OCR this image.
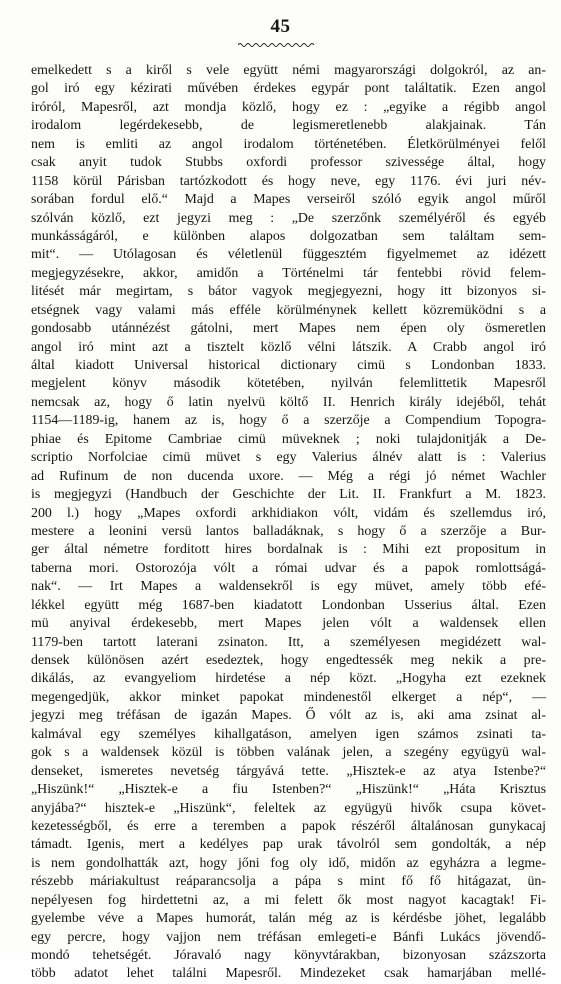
45
emelkedett s a kiről s vele együtt némi magyarországi dolgokról, az an-
gol iró egy kézirati művében érdekes egypár pont találtatik. Ezen angol
iróról, Mapesről, azt mondja közlő, hogy ez : „egyike a régibb angol
irodalom legérdekesebb, de legismeretlenebb alakjainak. Tán
nem is emliti az angol irodalom történetében. Életkörülményei felől
csak anyit tudok Stubbs oxfordi professor szivessége által, hogy
1158 körül Párisban tartózkodott és hogy neve, egy 1176. évi juri név-
sorában fordul elő.“ Majd a Mapes verseiről szóló egyik angol műről
szólván közlő, ezt jegyzi meg : „De szerzőnk személyéről és egyéb
munkásságáról, e különben alapos dolgozatban sem találtam sem-
mit“. — Utólagosan és véletlenül függesztém figyelmemet az idézett
megjegyzésekre, akkor, amidőn a Történelmi tár fentebbi rövid felem-
litését már megirtam, s bátor vagyok megjegyezni, hogy itt bizonyos si-
etségnek vagy valami más efféle körülménynek kellett közremüködni s a
gondosabb utánnézést gátolni, mert Mapes nem épen oly ösmeretlen
angol iró mint azt a tisztelt közlő vélni látszik. A Crabb angol iró
által kiadott Universal historical dictionary cimü s Londonban 1833.
megjelent könyv második kötetében, nyilván felemlittetik Mapesről
nemcsak az, hogy ő latin nyelvü költő II. Henrich király idejéből, tehát
1154—1189-ig, hanem az is, hogy ő a szerzője a Compendium Topogra-
phiae és Epitome Cambriae cimü müveknek ; noki tulajdonitják a De-
scriptio Norfolciae cimü müvet s egy Valerius álnév alatt is : Valerius
ad Rufinum de non ducenda uxore. — Még a régi jó német Wachler
is megjegyzi (Handbuch der Geschichte der Lit. II. Frankfurt a M. 1823.
200 l.) hogy „Mapes oxfordi arkhidiakon vólt, vidám és szellemdus iró,
mestere a leonini versü lantos balladáknak, s hogy ő a szerzője a Bur-
ger által németre forditott hires bordalnak is : Mihi ezt propositum in
taberna mori. Ostorozója vólt a római udvar és a papok romlottságá-
nak“. — Irt Mapes a waldensekről is egy müvet, amely több efé-
lékkel együtt még 1687-ben kiadatott Londonban Usserius által. Ezen
mü anyival érdekesebb, mert Mapes jelen vólt a waldensek ellen
1179-ben tartott laterani zsinaton. Itt, a személyesen megidézett wal-
densek különösen azért esedeztek, hogy engedtessék meg nekik a pre-
dikálás, az evangyeliom hirdetése a nép közt. „Hogyha ezt ezeknek
megengedjük, akkor minket papokat mindenestől elkerget a nép“, —
jegyzi meg tréfásan de igazán Mapes. Ő vólt az is, aki ama zsinat al-
kalmával egy személyes kihallgatáson, amelyen igen számos zsinati ta-
gok s a waldensek közül is többen valának jelen, a szegény együgyü wal-
denseket, ismeretes nevetség tárgyává tette. „Hisztek-e az atya Istenbe?“
„Hiszünk!“ „Hisztek-e a fiu Istenben?“ „Hiszünk!“ „Háta Krisztus
anyjába?“ hisztek-e „Hiszünk“, feleltek az együgyü hivők csupa követ-
kezetességből, és erre a teremben a papok részéről általánosan gunykacaj
támadt. Igenis, mert a kedélyes pap urak távolról sem gondolták, a nép
is nem gondolhatták azt, hogy jőni fog oly idő, midőn az egyházra a legme-
részebb máriakultust reáparancsolja a pápa s mint fő fő hitágazat, ün-
nepélyesen fog hirdettetni az, a mi felett ők most nagyot kacagtak! Fi-
gyelembe véve a Mapes humorát, talán még az is kérdésbe jöhet, legalább
egy percre, hogy vajjon nem tréfásan emlegeti-e Bánfi Lukács jövendő-
mondó tehetségét. Jóravaló nagy könyvtárakban, bizonyosan százszorta
több adatot lehet találni Mapesről. Mindezeket csak hamarjában mellé-
